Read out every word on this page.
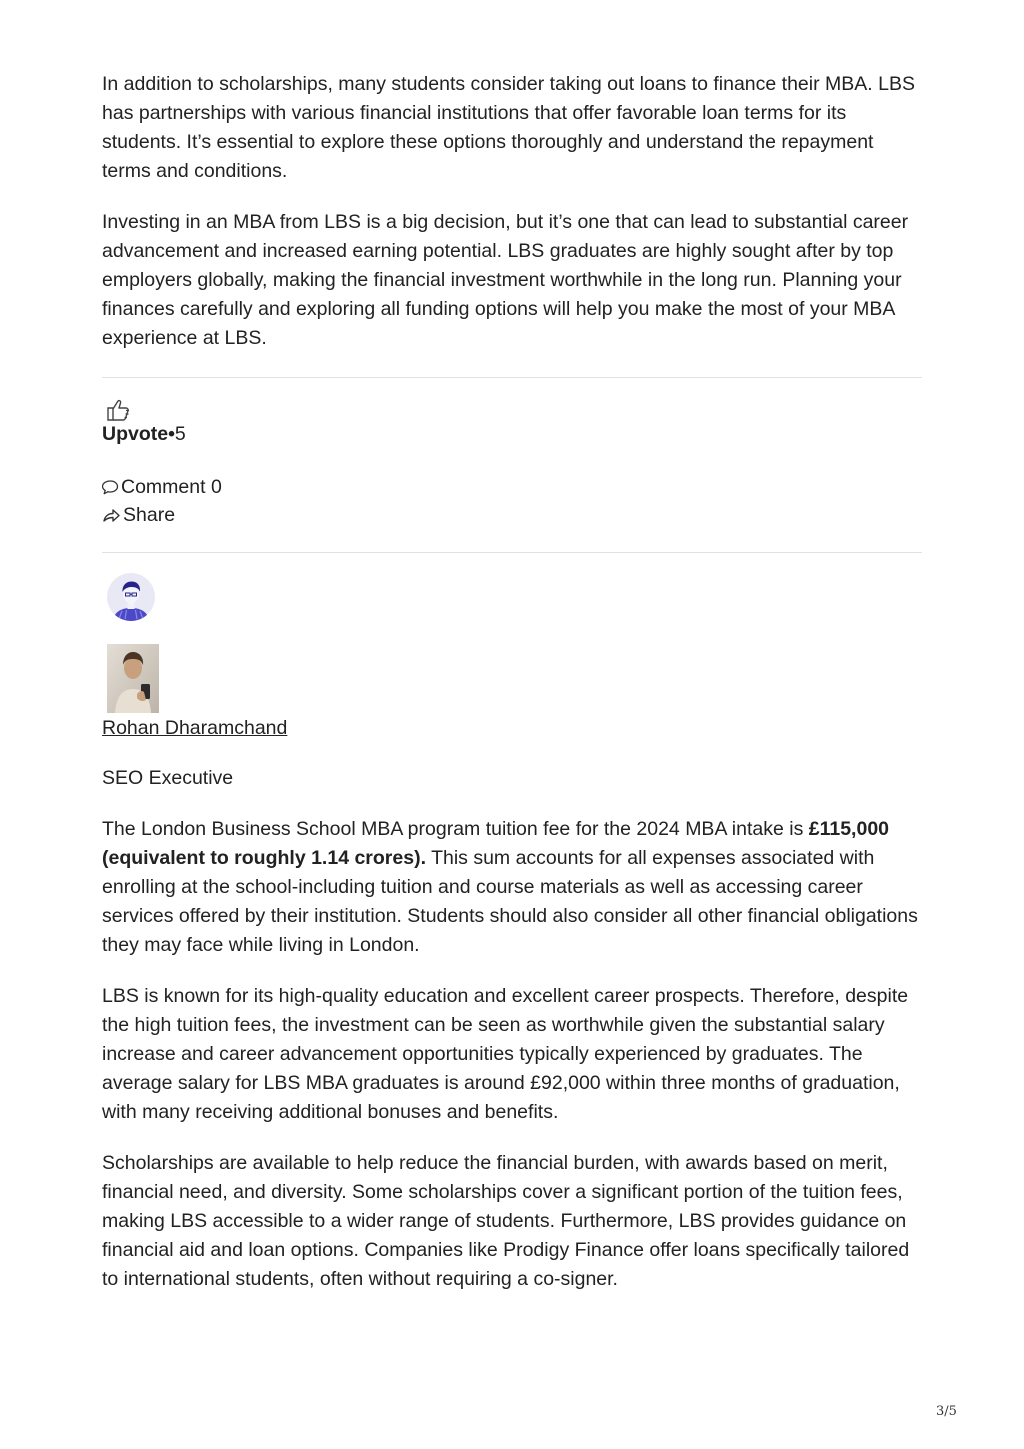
In addition to scholarships, many students consider taking out loans to finance their MBA. LBS has partnerships with various financial institutions that offer favorable loan terms for its students. It’s essential to explore these options thoroughly and understand the repayment terms and conditions.

Investing in an MBA from LBS is a big decision, but it’s one that can lead to substantial career advancement and increased earning potential. LBS graduates are highly sought after by top employers globally, making the financial investment worthwhile in the long run. Planning your finances carefully and exploring all funding options will help you make the most of your MBA experience at LBS.

Upvote•5
Comment 0
Share
Rohan Dharamchand

SEO Executive

The London Business School MBA program tuition fee for the 2024 MBA intake is £115,000 (equivalent to roughly 1.14 crores). This sum accounts for all expenses associated with enrolling at the school-including tuition and course materials as well as accessing career services offered by their institution. Students should also consider all other financial obligations they may face while living in London.

LBS is known for its high-quality education and excellent career prospects. Therefore, despite the high tuition fees, the investment can be seen as worthwhile given the substantial salary increase and career advancement opportunities typically experienced by graduates. The average salary for LBS MBA graduates is around £92,000 within three months of graduation, with many receiving additional bonuses and benefits.

Scholarships are available to help reduce the financial burden, with awards based on merit, financial need, and diversity. Some scholarships cover a significant portion of the tuition fees, making LBS accessible to a wider range of students. Furthermore, LBS provides guidance on financial aid and loan options. Companies like Prodigy Finance offer loans specifically tailored to international students, often without requiring a co-signer.

3/5
